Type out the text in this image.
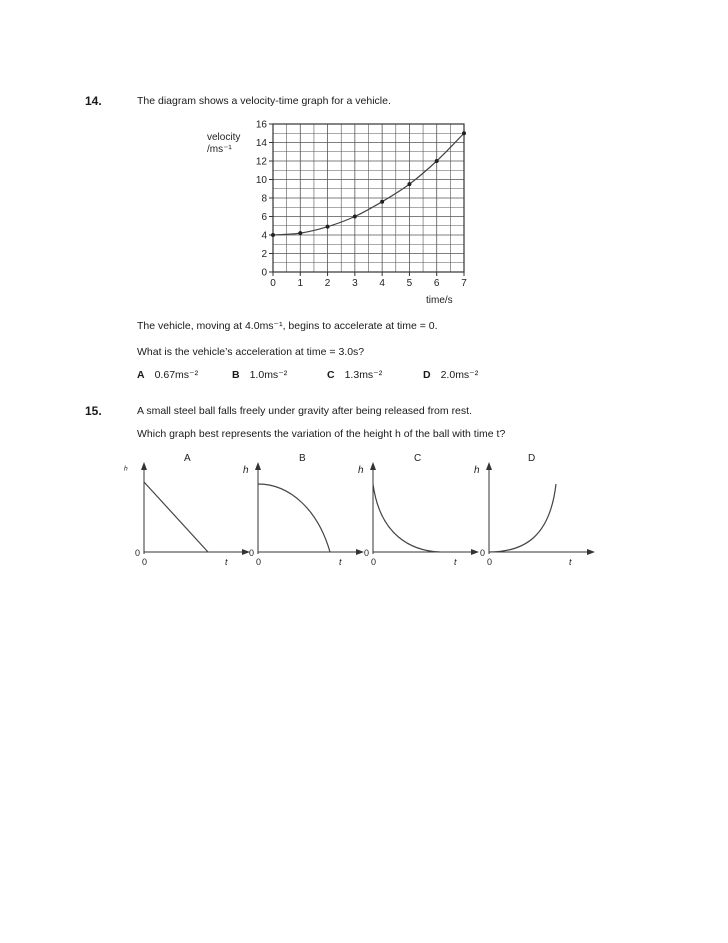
14.	The diagram shows a velocity-time graph for a vehicle.
0
2
4
6
8
10
12
14
16
0 1 2 3 4 5 6 7
velocity
/ms⁻¹
time/s
The vehicle, moving at 4.0ms⁻¹, begins to accelerate at time = 0.
What is the vehicle’s acceleration at time = 3.0s?
A 0.67ms⁻²	B 1.0ms⁻²	C 1.3ms⁻²	D 2.0ms⁻²
15.	A small steel ball falls freely under gravity after being released from rest.
Which graph best represents the variation of the height h of the ball with time t?
A
ʰ
0
0	t
B
h
0
0	t
C
h
0
0	t
D
h
0
0	t
